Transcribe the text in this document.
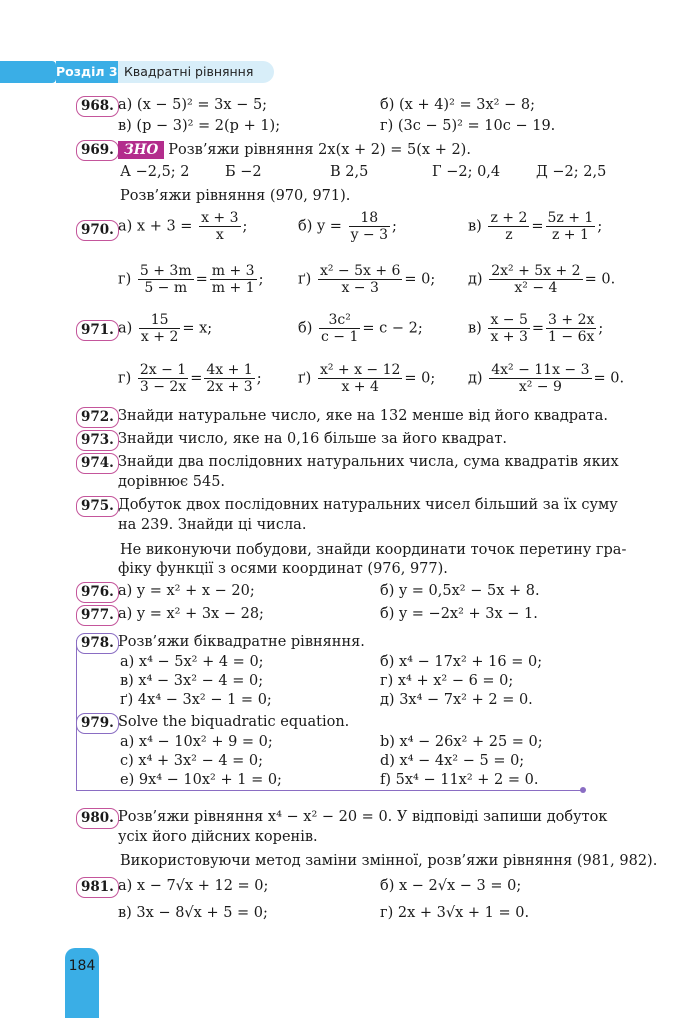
Розділ 3 Квадратні рівняння
968. а) (x − 5)² = 3x − 5;	б) (x + 4)² = 3x² − 8;
в) (p − 3)² = 2(p + 1);	г) (3c − 5)² = 10c − 19.
969. ЗНО Розв’яжи рівняння 2x(x + 2) = 5(x + 2).
А −2,5; 2 Б −2	В 2,5	Г −2; 0,4 Д −2; 2,5
Розв’яжи рівняння (970, 971).
970. а) $x + 3 = \frac{x + 3}{x}$ ;	б) $y = \frac{18}{y - 3}$ ;	$в) \frac{z + 2}{z} = \frac{5z + 1}{z + 1}$ ;
$г) \frac{5 + 3m}{5 - m} = \frac{m + 3}{m + 1}$ ; $ґ) \frac{\text{x² − 5x + 6}}{x - 3} = 0$; $д) \frac{\text{2x² + 5x + 2}}{\text{x² − 4}} = 0$.
971. $а) \frac{15}{x + 2} = x$;	$б) \frac{\text{3c²}}{c - 1} = c - 2$;	$в) \frac{x - 5}{x + 3} = \frac{3 + 2x}{1 - 6x}$ ;
$г) \frac{2x - 1}{3 - 2x} = \frac{4x + 1}{2x + 3}$ ;	$ґ) \frac{\text{x² + x − 12}}{x + 4} = 0$; $д) \frac{\text{4x² − 11x − 3}}{\text{x² − 9}} = 0$.
972. Знайди натуральне число, яке на 132 менше від його квадрата.
973. Знайди число, яке на 0,16 більше за його квадрат.
974. Знайди два послідовних натуральних числа, сума квадратів яких
дорівнює 545.
975. Добуток двох послідовних натуральних чисел більший за їх суму
на 239. Знайди ці числа.
Не виконуючи побудови, знайди координати точок перетину гра-
фіку функції з осями координат (976, 977).
976. а) y = x² + x − 20;	б) y = 0,5x² − 5x + 8.
977. а) y = x² + 3x − 28;	б) y = −2x² + 3x − 1.
978. Розв’яжи біквадратне рівняння.
а) x⁴ − 5x² + 4 = 0;	б) x⁴ − 17x² + 16 = 0;
в) x⁴ − 3x² − 4 = 0;	г) x⁴ + x² − 6 = 0;
ґ) 4x⁴ − 3x² − 1 = 0;	д) 3x⁴ − 7x² + 2 = 0.
979. Solve the biquadratic equation.
a) x⁴ − 10x² + 9 = 0;	b) x⁴ − 26x² + 25 = 0;
c) x⁴ + 3x² − 4 = 0;	d) x⁴ − 4x² − 5 = 0;
e) 9x⁴ − 10x² + 1 = 0;	f) 5x⁴ − 11x² + 2 = 0.
980. Розв’яжи рівняння x⁴ − x² − 20 = 0. У відповіді запиши добуток
усіх його дійсних коренів.
Використовуючи метод заміни змінної, розв’яжи рівняння (981, 982).
981. а) x − 7√x + 12 = 0;	б) x − 2√x − 3 = 0;
в) 3x − 8√x + 5 = 0;	г) 2x + 3√x + 1 = 0.
184
